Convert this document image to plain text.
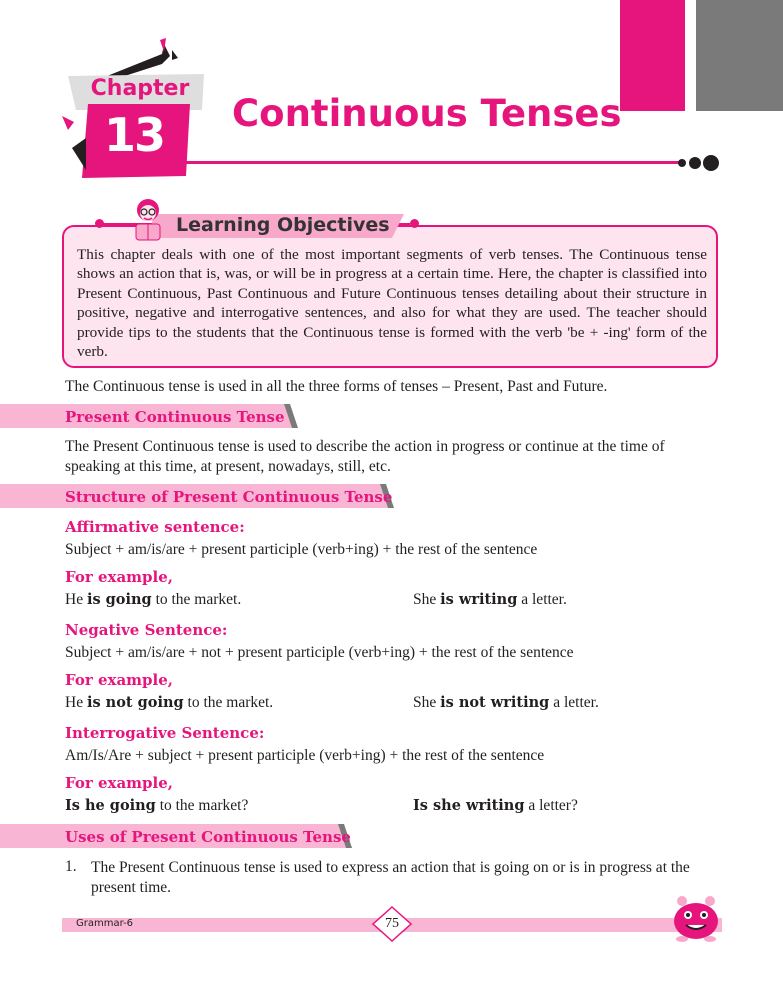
Chapter
13 Continuous Tenses
Learning Objectives
This chapter deals with one of the most important segments of verb tenses. The Continuous tense shows an action that is, was, or will be in progress at a certain time. Here, the chapter is classified into Present Continuous, Past Continuous and Future Continuous tenses detailing about their structure in positive, negative and interrogative sentences, and also for what they are used. The teacher should provide tips to the students that the Continuous tense is formed with the verb 'be + -ing' form of the verb.
The Continuous tense is used in all the three forms of tenses – Present, Past and Future.
Present Continuous Tense
The Present Continuous tense is used to describe the action in progress or continue at the time of speaking at this time, at present, nowadays, still, etc.
Structure of Present Continuous Tense
Affirmative sentence:
Subject + am/is/are + present participle (verb+ing) + the rest of the sentence
For example,
He is going to the market.	She is writing a letter.
Negative Sentence:
Subject + am/is/are + not + present participle (verb+ing) + the rest of the sentence
For example,
He is not going to the market.	She is not writing a letter.
Interrogative Sentence:
Am/Is/Are + subject + present participle (verb+ing) + the rest of the sentence
For example,
Is he going to the market?	Is she writing a letter?
Uses of Present Continuous Tense
1. The Present Continuous tense is used to express an action that is going on or is in progress at the present time.
Grammar-6	75
